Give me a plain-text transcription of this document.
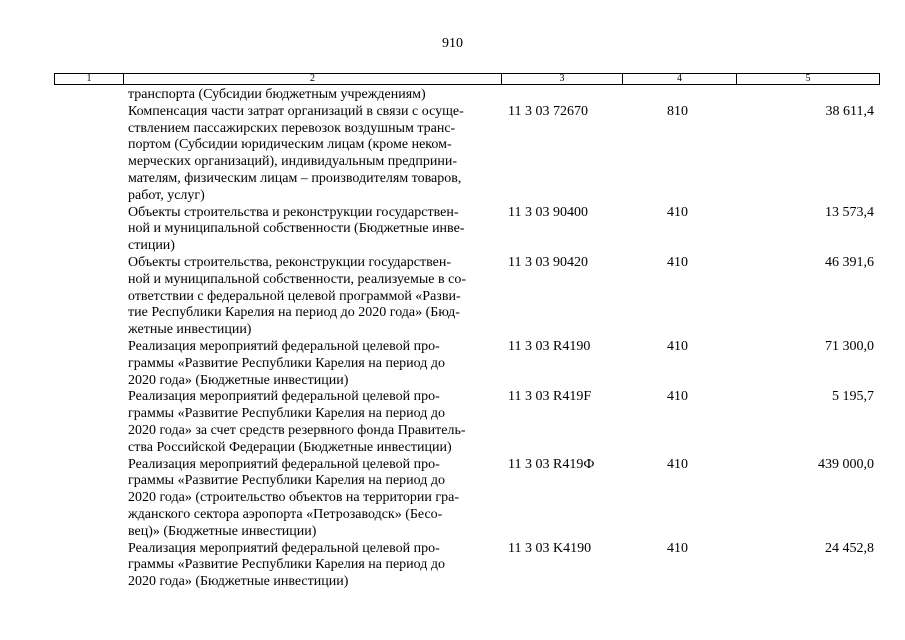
910
1	2	3	4	5
транспорта (Субсидии бюджетным учреждениям)
Компенсация части затрат организаций в связи с осуще-
ствлением пассажирских перевозок воздушным транс-
портом (Субсидии юридическим лицам (кроме неком-
мерческих организаций), индивидуальным предприни-
мателям, физическим лицам – производителям товаров,
работ, услуг)
11 3 03 72670	810	38 611,4
Объекты строительства и реконструкции государствен-
ной и муниципальной собственности (Бюджетные инве-
стиции)
11 3 03 90400	410	13 573,4
Объекты строительства, реконструкции государствен-
ной и муниципальной собственности, реализуемые в со-
ответствии с федеральной целевой программой «Разви-
тие Республики Карелия на период до 2020 года» (Бюд-
жетные инвестиции)
11 3 03 90420	410	46 391,6
Реализация мероприятий федеральной целевой про-
граммы «Развитие Республики Карелия на период до
2020 года» (Бюджетные инвестиции)
11 3 03 R4190	410	71 300,0
Реализация мероприятий федеральной целевой про-
граммы «Развитие Республики Карелия на период до
2020 года» за счет средств резервного фонда Правитель-
ства Российской Федерации (Бюджетные инвестиции)
11 3 03 R419F	410	5 195,7
Реализация мероприятий федеральной целевой про-
граммы «Развитие Республики Карелия на период до
2020 года» (строительство объектов на территории гра-
жданского сектора аэропорта «Петрозаводск» (Бесо-
вец)» (Бюджетные инвестиции)
11 3 03 R419Ф	410	439 000,0
Реализация мероприятий федеральной целевой про-
граммы «Развитие Республики Карелия на период до
2020 года» (Бюджетные инвестиции)
11 3 03 K4190	410	24 452,8
